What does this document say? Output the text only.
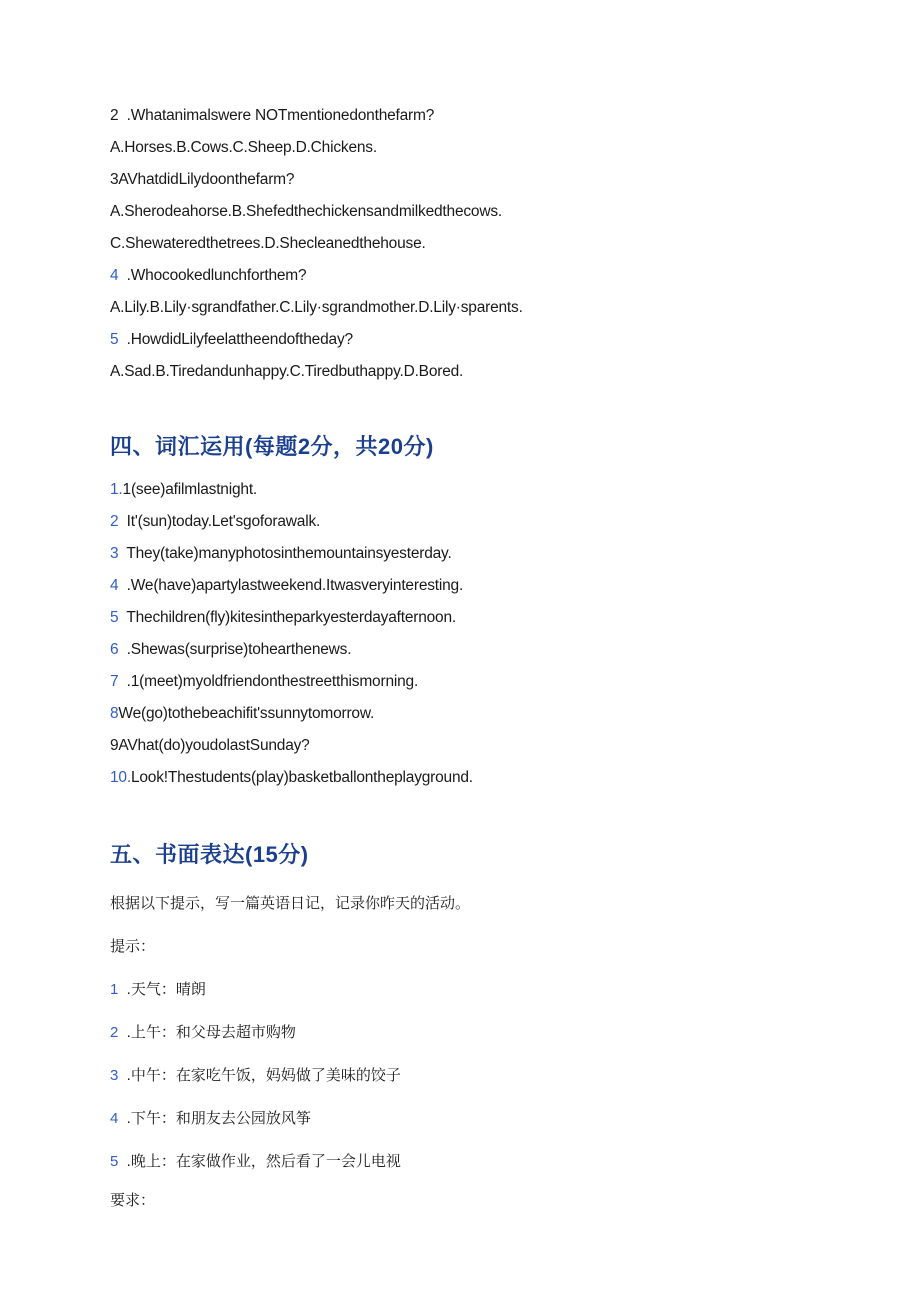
2  .Whatanimalswere NOTmentionedonthefarm?
A.Horses.B.Cows.C.Sheep.D.Chickens.
3AVhatdidLilydoonthefarm?
A.Sherodeahorse.B.Shefedthechickensandmilkedthecows.
C.Shewateredthetrees.D.Shecleanedthehouse.
4  .Whocookedlunchforthem?
A.Lily.B.Lily·sgrandfather.C.Lily·sgrandmother.D.Lily·sparents.
5  .HowdidLilyfeelattheendoftheday?
A.Sad.B.Tiredandunhappy.C.Tiredbuthappy.D.Bored.
四、词汇运用(每题2分，共20分)
1.1(see)afilmlastnight.
2 It'(sun)today.Let'sgoforawalk.
3 They(take)manyphotosinthemountainsyesterday.
4  .We(have)apartylastweekend.Itwasveryinteresting.
5 Thechildren(fly)kitesintheparkyesterdayafternoon.
6  .Shewas(surprise)tohearthenews.
7  .1(meet)myoldfriendonthestreetthismorning.
8We(go)tothebeachifit'ssunnytomorrow.
9AVhat(do)youdolastSunday?
10.Look!Thestudents(play)basketballontheplayground.
五、书面表达(15分)
根据以下提示，写一篇英语日记，记录你昨天的活动。
提示：
1  .天气：晴朗
2  .上午：和父母去超市购物
3  .中午：在家吃午饭，妈妈做了美味的饺子
4  .下午：和朋友去公园放风筝
5  .晚上：在家做作业，然后看了一会儿电视
要求：
